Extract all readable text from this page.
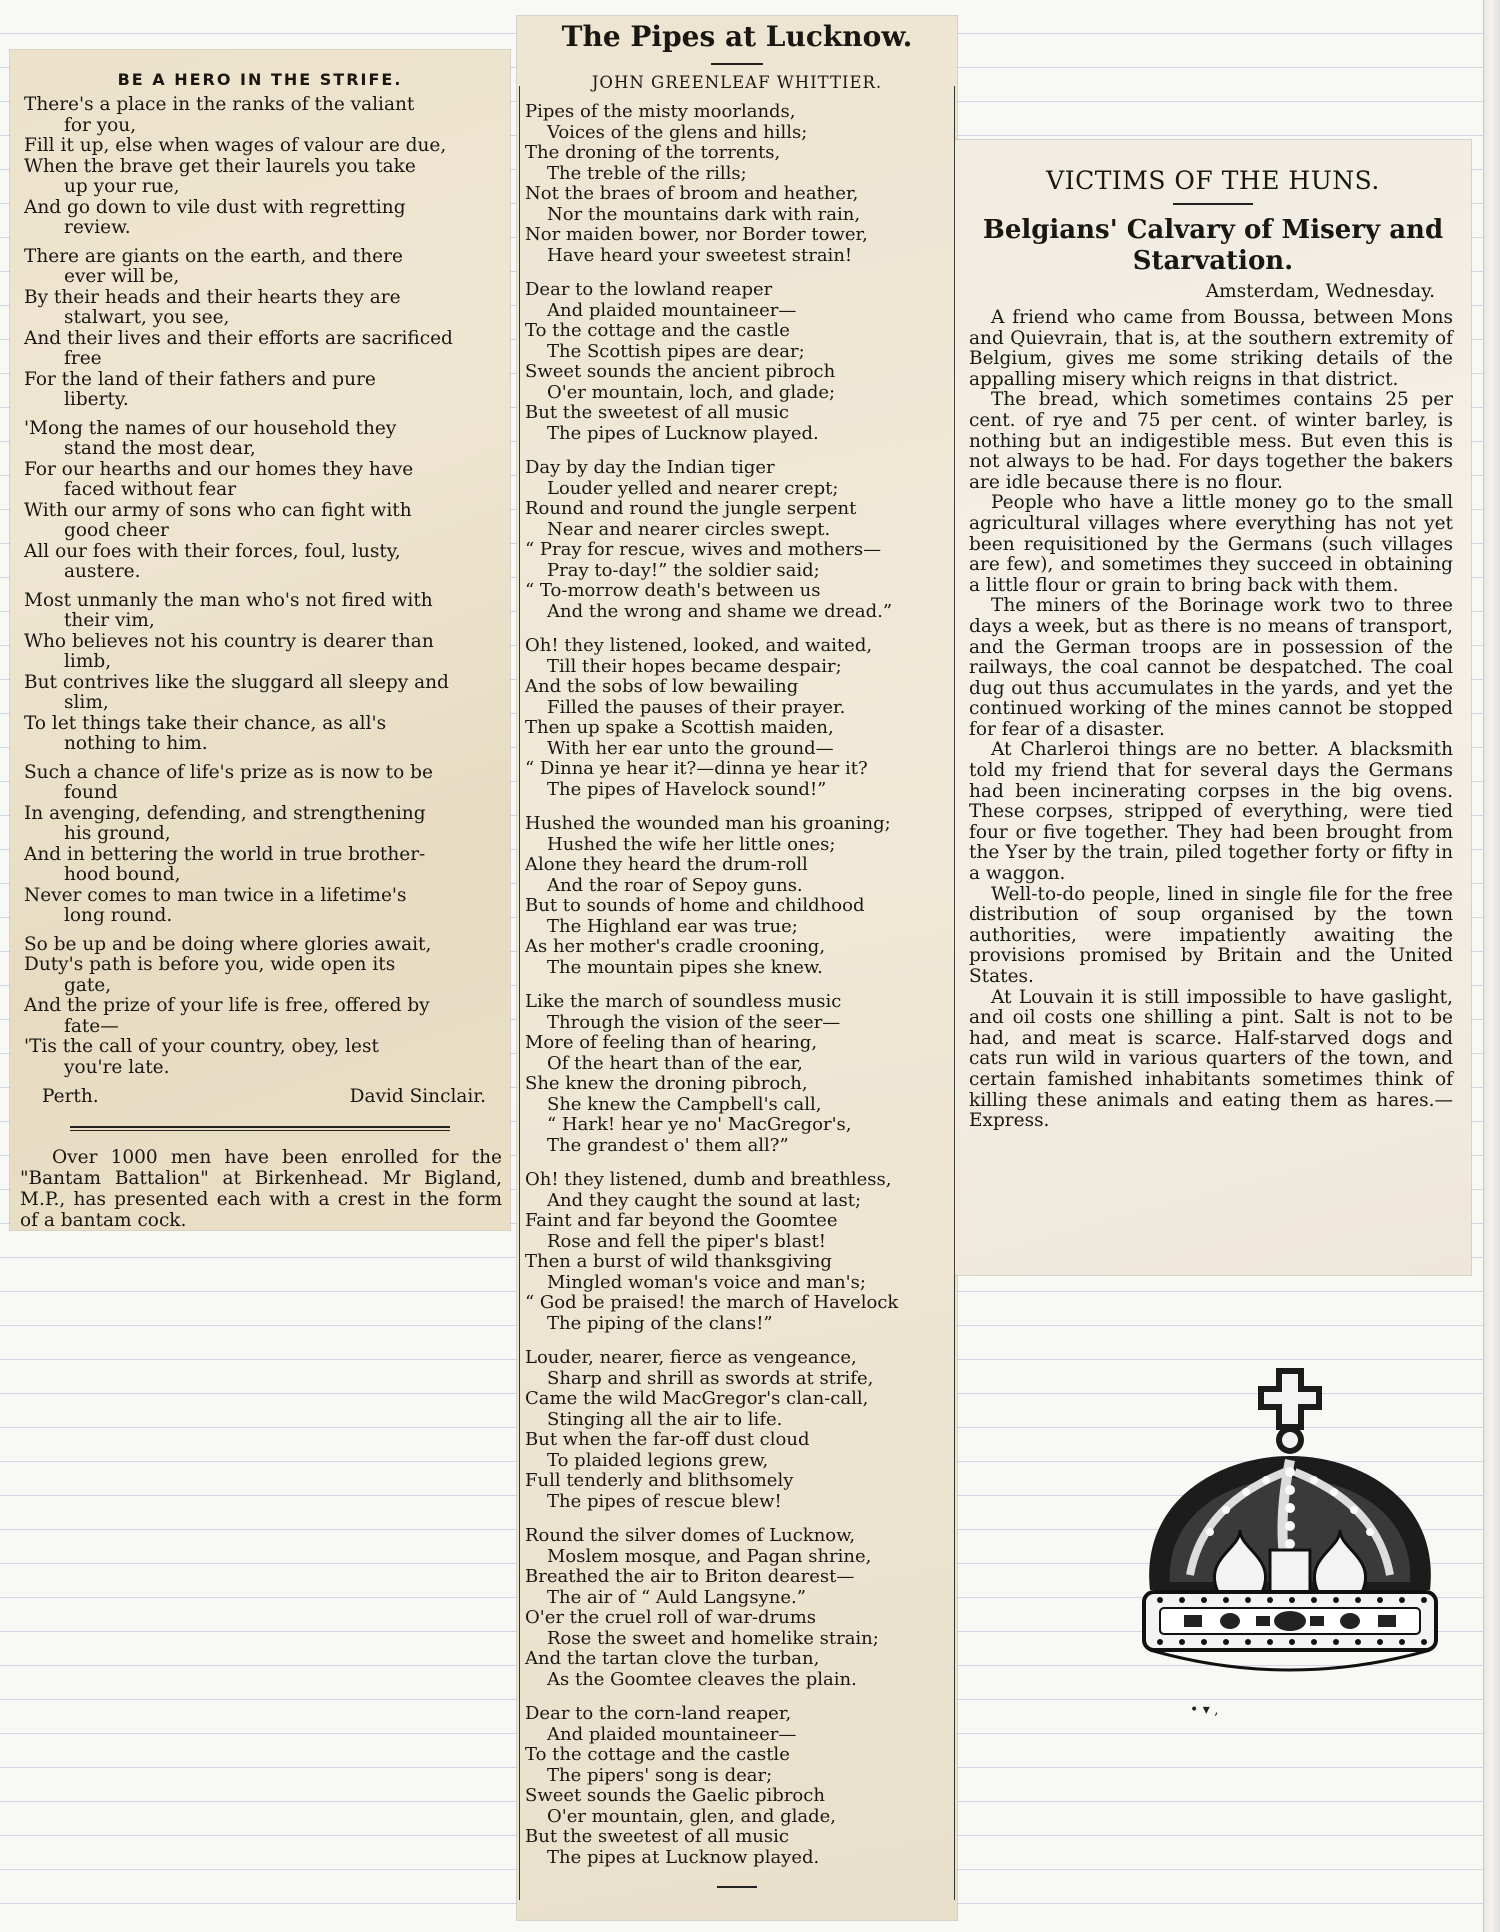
BE A HERO IN THE STRIFE.
There's a place in the ranks of the valiant
for you,
Fill it up, else when wages of valour are due,
When the brave get their laurels you take
up your rue,
And go down to vile dust with regretting
review.
There are giants on the earth, and there
ever will be,
By their heads and their hearts they are
stalwart, you see,
And their lives and their efforts are sacrificed
free
For the land of their fathers and pure
liberty.
'Mong the names of our household they
stand the most dear,
For our hearths and our homes they have
faced without fear
With our army of sons who can fight with
good cheer
All our foes with their forces, foul, lusty,
austere.
Most unmanly the man who's not fired with
their vim,
Who believes not his country is dearer than
limb,
But contrives like the sluggard all sleepy and
slim,
To let things take their chance, as all's
nothing to him.
Such a chance of life's prize as is now to be
found
In avenging, defending, and strengthening
his ground,
And in bettering the world in true brother-
hood bound,
Never comes to man twice in a lifetime's
long round.
So be up and be doing where glories await,
Duty's path is before you, wide open its
gate,
And the prize of your life is free, offered by
fate—
'Tis the call of your country, obey, lest
you're late.
Perth.	David Sinclair.
Over 1000 men have been enrolled for the "Bantam Battalion" at Birkenhead. Mr Bigland, M.P., has presented each with a crest in the form of a bantam cock.
The Pipes at Lucknow.
JOHN GREENLEAF WHITTIER.
Pipes of the misty moorlands,
Voices of the glens and hills;
The droning of the torrents,
The treble of the rills;
Not the braes of broom and heather,
Nor the mountains dark with rain,
Nor maiden bower, nor Border tower,
Have heard your sweetest strain!
Dear to the lowland reaper
And plaided mountaineer—
To the cottage and the castle
The Scottish pipes are dear;
Sweet sounds the ancient pibroch
O'er mountain, loch, and glade;
But the sweetest of all music
The pipes of Lucknow played.
Day by day the Indian tiger
Louder yelled and nearer crept;
Round and round the jungle serpent
Near and nearer circles swept.
“ Pray for rescue, wives and mothers—
Pray to-day!” the soldier said;
“ To-morrow death's between us
And the wrong and shame we dread.”
Oh! they listened, looked, and waited,
Till their hopes became despair;
And the sobs of low bewailing
Filled the pauses of their prayer.
Then up spake a Scottish maiden,
With her ear unto the ground—
“ Dinna ye hear it?—dinna ye hear it?
The pipes of Havelock sound!”
Hushed the wounded man his groaning;
Hushed the wife her little ones;
Alone they heard the drum-roll
And the roar of Sepoy guns.
But to sounds of home and childhood
The Highland ear was true;
As her mother's cradle crooning,
The mountain pipes she knew.
Like the march of soundless music
Through the vision of the seer—
More of feeling than of hearing,
Of the heart than of the ear,
She knew the droning pibroch,
She knew the Campbell's call,
“ Hark! hear ye no' MacGregor's,
The grandest o' them all?”
Oh! they listened, dumb and breathless,
And they caught the sound at last;
Faint and far beyond the Goomtee
Rose and fell the piper's blast!
Then a burst of wild thanksgiving
Mingled woman's voice and man's;
“ God be praised! the march of Havelock
The piping of the clans!”
Louder, nearer, fierce as vengeance,
Sharp and shrill as swords at strife,
Came the wild MacGregor's clan-call,
Stinging all the air to life.
But when the far-off dust cloud
To plaided legions grew,
Full tenderly and blithsomely
The pipes of rescue blew!
Round the silver domes of Lucknow,
Moslem mosque, and Pagan shrine,
Breathed the air to Briton dearest—
The air of “ Auld Langsyne.”
O'er the cruel roll of war-drums
Rose the sweet and homelike strain;
And the tartan clove the turban,
As the Goomtee cleaves the plain.
Dear to the corn-land reaper,
And plaided mountaineer—
To the cottage and the castle
The pipers' song is dear;
Sweet sounds the Gaelic pibroch
O'er mountain, glen, and glade,
But the sweetest of all music
The pipes at Lucknow played.
VICTIMS OF THE HUNS.
Belgians' Calvary of Misery and Starvation.
Amsterdam, Wednesday.
A friend who came from Boussa, between Mons and Quievrain, that is, at the southern extremity of Belgium, gives me some striking details of the appalling misery which reigns in that district.
The bread, which sometimes contains 25 per cent. of rye and 75 per cent. of winter barley, is nothing but an indigestible mess. But even this is not always to be had. For days together the bakers are idle because there is no flour.
People who have a little money go to the small agricultural villages where everything has not yet been requisitioned by the Germans (such villages are few), and sometimes they succeed in obtaining a little flour or grain to bring back with them.
The miners of the Borinage work two to three days a week, but as there is no means of transport, and the German troops are in possession of the railways, the coal cannot be despatched. The coal dug out thus accumulates in the yards, and yet the continued working of the mines cannot be stopped for fear of a disaster.
At Charleroi things are no better. A blacksmith told my friend that for several days the Germans had been incinerating corpses in the big ovens. These corpses, stripped of everything, were tied four or five together. They had been brought from the Yser by the train, piled together forty or fifty in a waggon.
Well-to-do people, lined in single file for the free distribution of soup organised by the town authorities, were impatiently awaiting the provisions promised by Britain and the United States.
At Louvain it is still impossible to have gaslight, and oil costs one shilling a pint. Salt is not to be had, and meat is scarce. Half-starved dogs and cats run wild in various quarters of the town, and certain famished inhabitants sometimes think of killing these animals and eating them as hares.—Express.
• ▾ ,
